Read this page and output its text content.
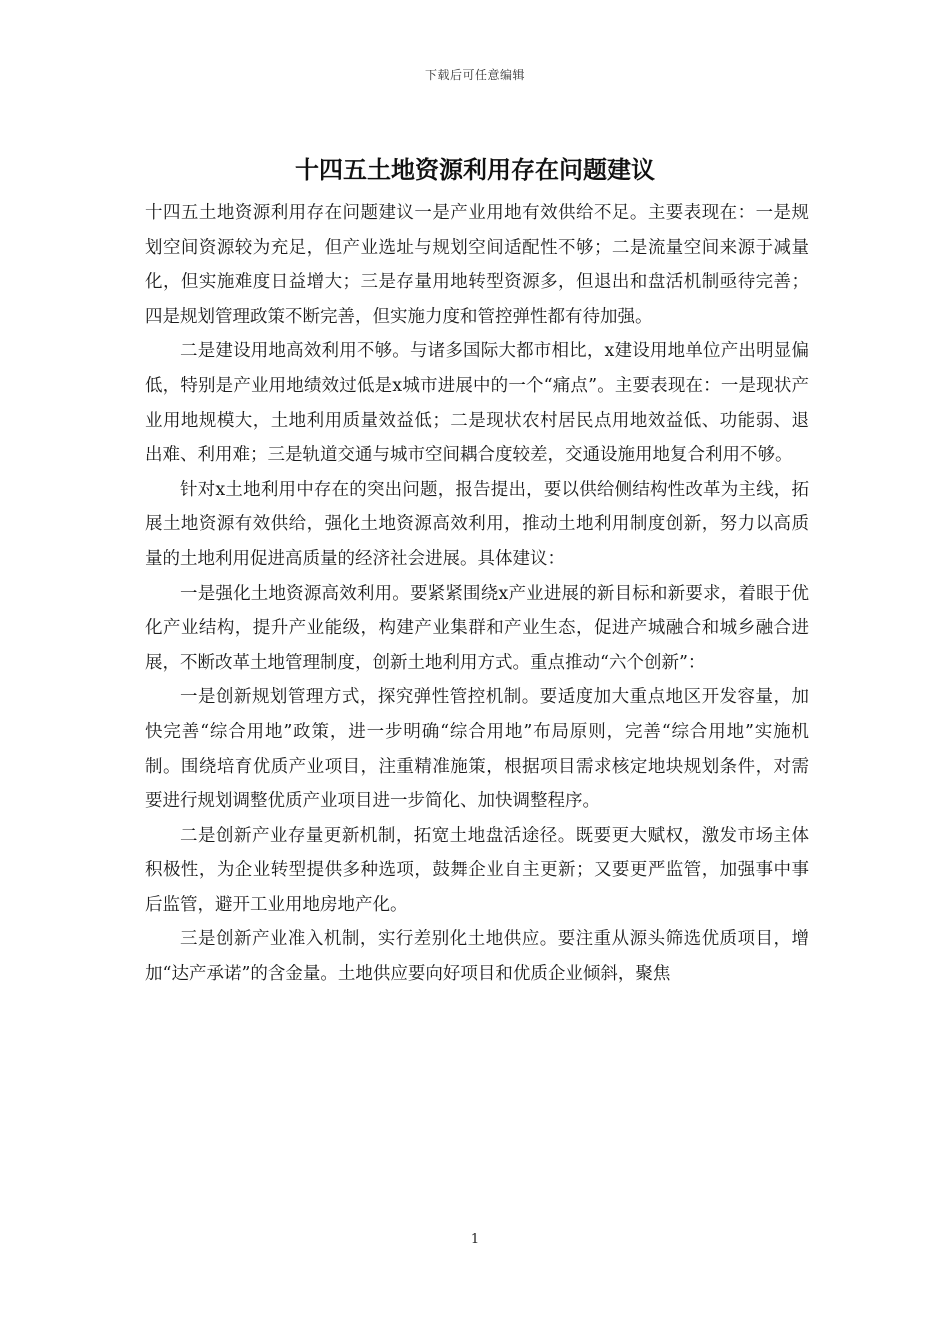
下载后可任意编辑
十四五土地资源利用存在问题建议

十四五土地资源利用存在问题建议一是产业用地有效供给不足。主要表现在：一是规划空间资源较为充足，但产业选址与规划空间适配性不够；二是流量空间来源于减量化，但实施难度日益增大；三是存量用地转型资源多，但退出和盘活机制亟待完善；四是规划管理政策不断完善，但实施力度和管控弹性都有待加强。

二是建设用地高效利用不够。与诸多国际大都市相比，x建设用地单位产出明显偏低，特别是产业用地绩效过低是x城市进展中的一个“痛点”。主要表现在：一是现状产业用地规模大，土地利用质量效益低；二是现状农村居民点用地效益低、功能弱、退出难、利用难；三是轨道交通与城市空间耦合度较差，交通设施用地复合利用不够。

针对x土地利用中存在的突出问题，报告提出，要以供给侧结构性改革为主线，拓展土地资源有效供给，强化土地资源高效利用，推动土地利用制度创新，努力以高质量的土地利用促进高质量的经济社会进展。具体建议：

一是强化土地资源高效利用。要紧紧围绕x产业进展的新目标和新要求，着眼于优化产业结构，提升产业能级，构建产业集群和产业生态，促进产城融合和城乡融合进展，不断改革土地管理制度，创新土地利用方式。重点推动“六个创新”：

一是创新规划管理方式，探究弹性管控机制。要适度加大重点地区开发容量，加快完善“综合用地”政策，进一步明确“综合用地”布局原则，完善“综合用地”实施机制。围绕培育优质产业项目，注重精准施策，根据项目需求核定地块规划条件，对需要进行规划调整优质产业项目进一步简化、加快调整程序。

二是创新产业存量更新机制，拓宽土地盘活途径。既要更大赋权，激发市场主体积极性，为企业转型提供多种选项，鼓舞企业自主更新；又要更严监管，加强事中事后监管，避开工业用地房地产化。

三是创新产业准入机制，实行差别化土地供应。要注重从源头筛选优质项目，增加“达产承诺”的含金量。土地供应要向好项目和优质企业倾斜，聚焦

1
